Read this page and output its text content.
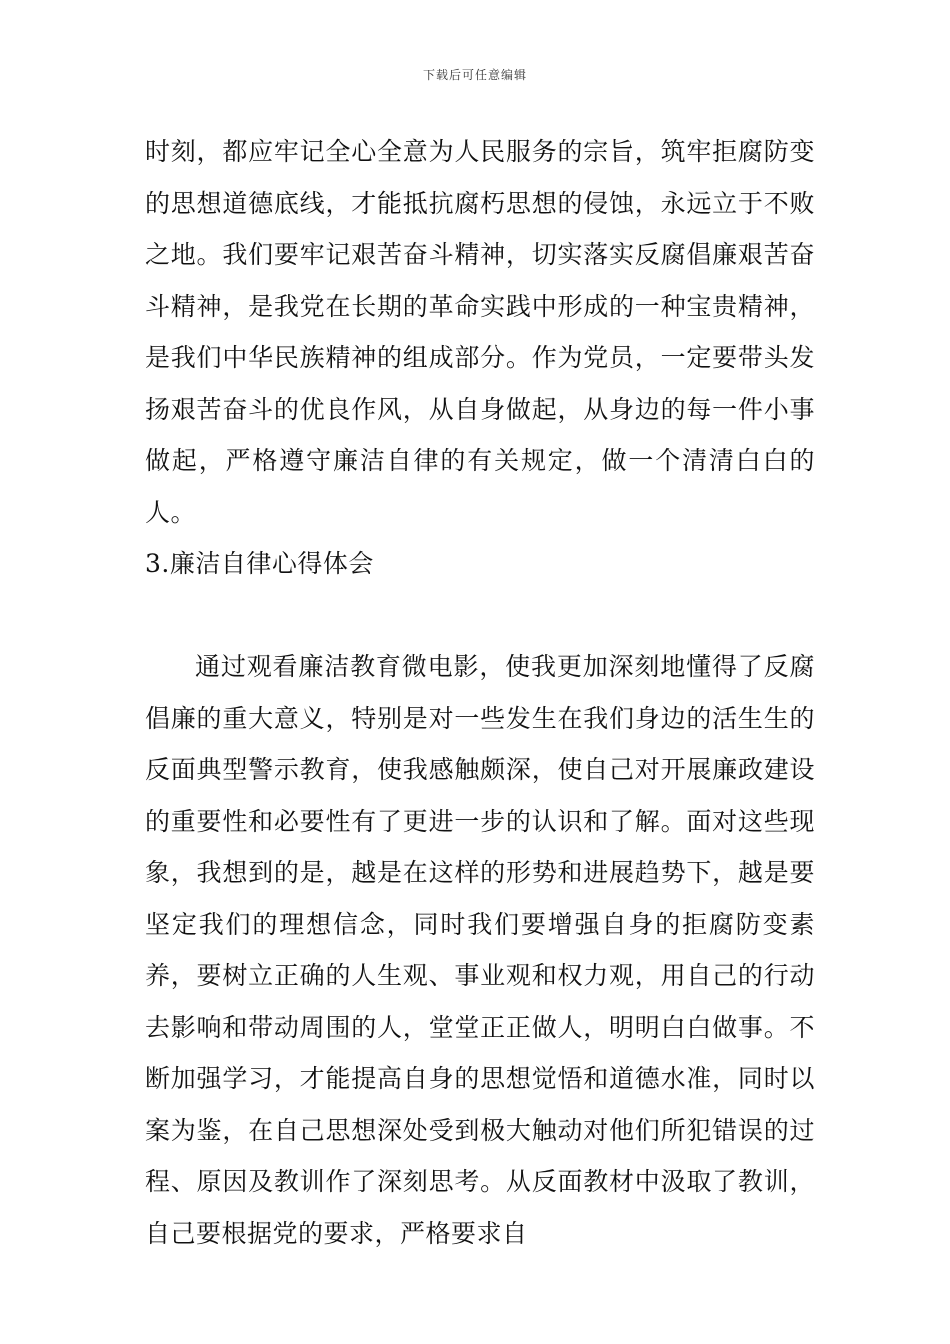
下载后可任意编辑

时刻，都应牢记全心全意为人民服务的宗旨，筑牢拒腐防变的思想道德底线，才能抵抗腐朽思想的侵蚀，永远立于不败之地。我们要牢记艰苦奋斗精神，切实落实反腐倡廉艰苦奋斗精神，是我党在长期的革命实践中形成的一种宝贵精神，是我们中华民族精神的组成部分。作为党员，一定要带头发扬艰苦奋斗的优良作风，从自身做起，从身边的每一件小事做起，严格遵守廉洁自律的有关规定，做一个清清白白的人。

3.廉洁自律心得体会

通过观看廉洁教育微电影，使我更加深刻地懂得了反腐倡廉的重大意义，特别是对一些发生在我们身边的活生生的反面典型警示教育，使我感触颇深，使自己对开展廉政建设的重要性和必要性有了更进一步的认识和了解。面对这些现象，我想到的是，越是在这样的形势和进展趋势下，越是要坚定我们的理想信念，同时我们要增强自身的拒腐防变素养，要树立正确的人生观、事业观和权力观，用自己的行动去影响和带动周围的人，堂堂正正做人，明明白白做事。不断加强学习，才能提高自身的思想觉悟和道德水准，同时以案为鉴，在自己思想深处受到极大触动对他们所犯错误的过程、原因及教训作了深刻思考。从反面教材中汲取了教训，自己要根据党的要求，严格要求自
